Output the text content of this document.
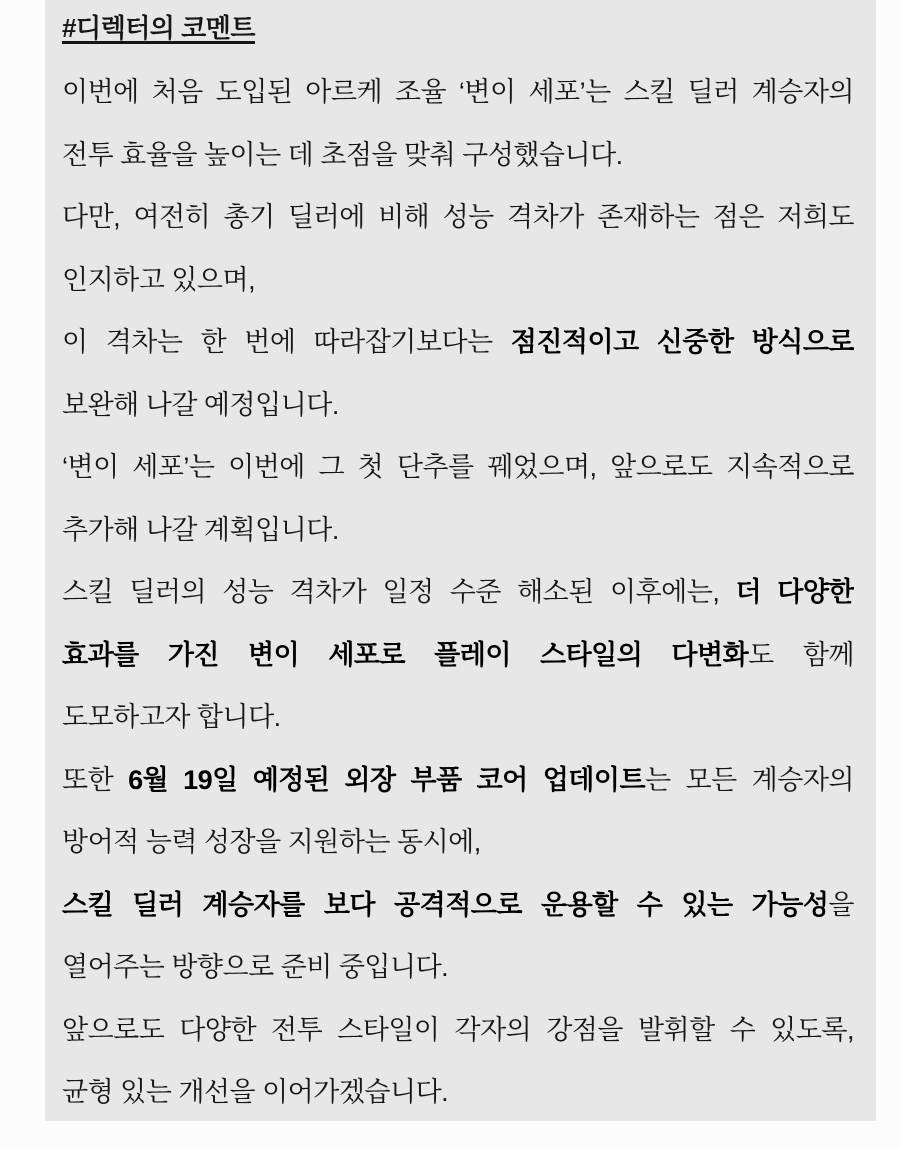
#디렉터의 코멘트
이번에 처음 도입된 아르케 조율 ‘변이 세포’는 스킬 딜러 계승자의
전투 효율을 높이는 데 초점을 맞춰 구성했습니다.
다만, 여전히 총기 딜러에 비해 성능 격차가 존재하는 점은 저희도
인지하고 있으며,
이 격차는 한 번에 따라잡기보다는 점진적이고 신중한 방식으로
보완해 나갈 예정입니다.
‘변이 세포’는 이번에 그 첫 단추를 꿰었으며, 앞으로도 지속적으로
추가해 나갈 계획입니다.
스킬 딜러의 성능 격차가 일정 수준 해소된 이후에는, 더 다양한
효과를 가진 변이 세포로 플레이 스타일의 다변화도 함께
도모하고자 합니다.
또한 6월 19일 예정된 외장 부품 코어 업데이트는 모든 계승자의
방어적 능력 성장을 지원하는 동시에,
스킬 딜러 계승자를 보다 공격적으로 운용할 수 있는 가능성을
열어주는 방향으로 준비 중입니다.
앞으로도 다양한 전투 스타일이 각자의 강점을 발휘할 수 있도록,
균형 있는 개선을 이어가겠습니다.
